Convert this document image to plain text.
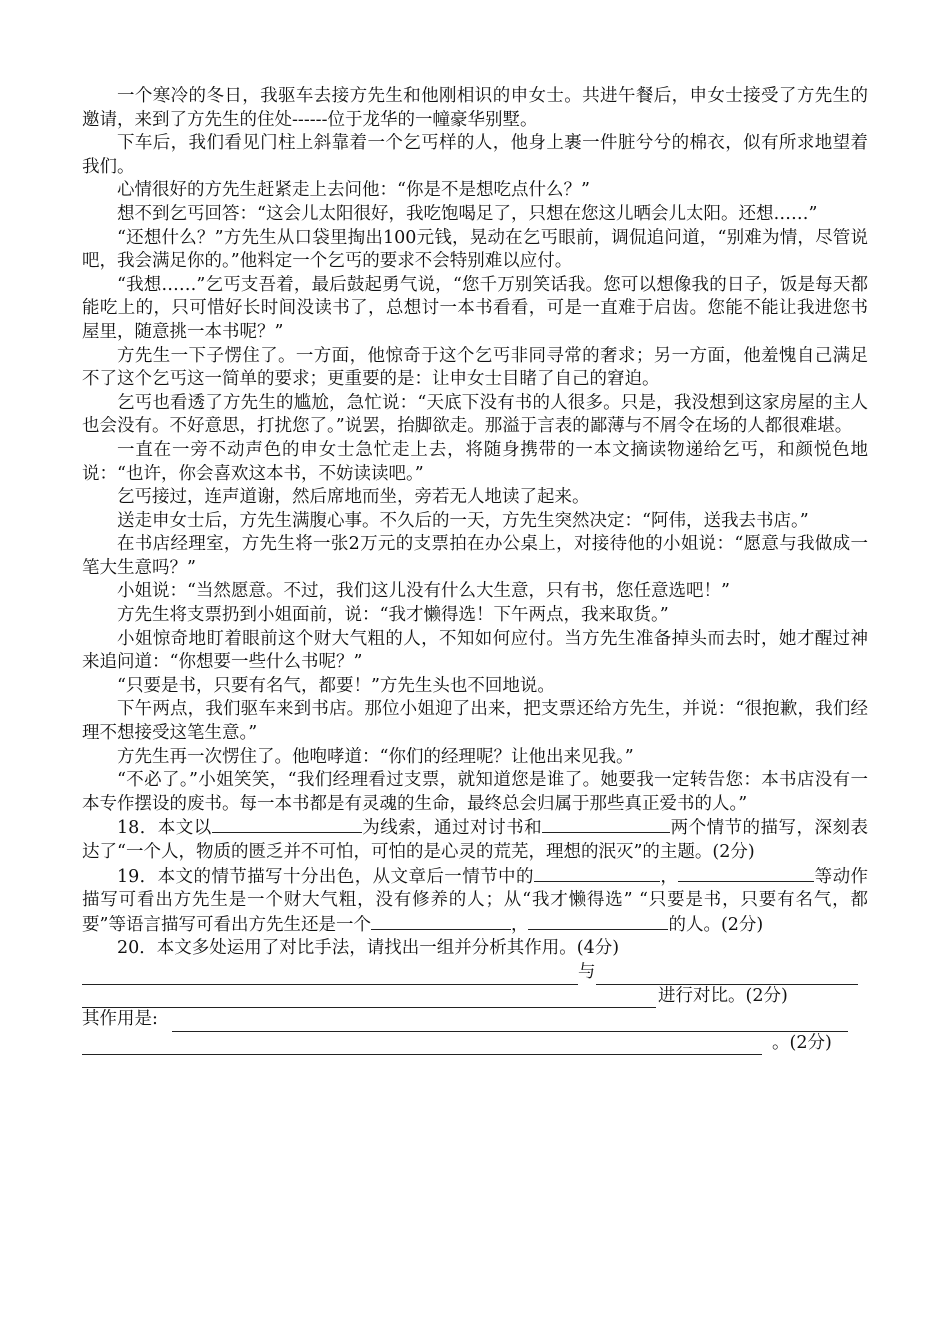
一个寒冷的冬日，我驱车去接方先生和他刚相识的申女士。共进午餐后，申女士接受了方先生的邀请，来到了方先生的住处------位于龙华的一幢豪华别墅。

下车后，我们看见门柱上斜靠着一个乞丐样的人，他身上裹一件脏兮兮的棉衣，似有所求地望着我们。

心情很好的方先生赶紧走上去问他：“你是不是想吃点什么？”

想不到乞丐回答：“这会儿太阳很好，我吃饱喝足了，只想在您这儿晒会儿太阳。还想……”

“还想什么？”方先生从口袋里掏出100元钱，晃动在乞丐眼前，调侃追问道，“别难为情，尽管说吧，我会满足你的。”他料定一个乞丐的要求不会特别难以应付。

“我想……”乞丐支吾着，最后鼓起勇气说，“您千万别笑话我。您可以想像我的日子，饭是每天都能吃上的，只可惜好长时间没读书了，总想讨一本书看看，可是一直难于启齿。您能不能让我进您书屋里，随意挑一本书呢？”

方先生一下子愣住了。一方面，他惊奇于这个乞丐非同寻常的奢求；另一方面，他羞愧自己满足不了这个乞丐这一简单的要求；更重要的是：让申女士目睹了自己的窘迫。

乞丐也看透了方先生的尴尬，急忙说：“天底下没有书的人很多。只是，我没想到这家房屋的主人也会没有。不好意思，打扰您了。”说罢，抬脚欲走。那溢于言表的鄙薄与不屑令在场的人都很难堪。

一直在一旁不动声色的申女士急忙走上去，将随身携带的一本文摘读物递给乞丐，和颜悦色地说：“也许，你会喜欢这本书，不妨读读吧。”

乞丐接过，连声道谢，然后席地而坐，旁若无人地读了起来。

送走申女士后，方先生满腹心事。不久后的一天，方先生突然决定：“阿伟，送我去书店。”

在书店经理室，方先生将一张2万元的支票拍在办公桌上，对接待他的小姐说：“愿意与我做成一笔大生意吗？”

小姐说：“当然愿意。不过，我们这儿没有什么大生意，只有书，您任意选吧！”

方先生将支票扔到小姐面前，说：“我才懒得选！下午两点，我来取货。”

小姐惊奇地盯着眼前这个财大气粗的人，不知如何应付。当方先生准备掉头而去时，她才醒过神来追问道：“你想要一些什么书呢？”

“只要是书，只要有名气，都要！”方先生头也不回地说。

下午两点，我们驱车来到书店。那位小姐迎了出来，把支票还给方先生，并说：“很抱歉，我们经理不想接受这笔生意。”

方先生再一次愣住了。他咆哮道：“你们的经理呢？让他出来见我。”

“不必了。”小姐笑笑，“我们经理看过支票，就知道您是谁了。她要我一定转告您：本书店没有一本专作摆设的废书。每一本书都是有灵魂的生命，最终总会归属于那些真正爱书的人。”

18．本文以	为线索，通过对讨书和	两个情节的描写，深刻表达了“一个人，物质的匮乏并不可怕，可怕的是心灵的荒芜，理想的泯灭”的主题。(2分)

19．本文的情节描写十分出色，从文章后一情节中的	，	等动作描写可看出方先生是一个财大气粗，没有修养的人；从“我才懒得选” “只要是书，只要有名气，都要”等语言描写可看出方先生还是一个	，	的人。(2分)

20．本文多处运用了对比手法，请找出一组并分析其作用。(4分)

与
进行对比。(2分)
其作用是:
。(2分)
